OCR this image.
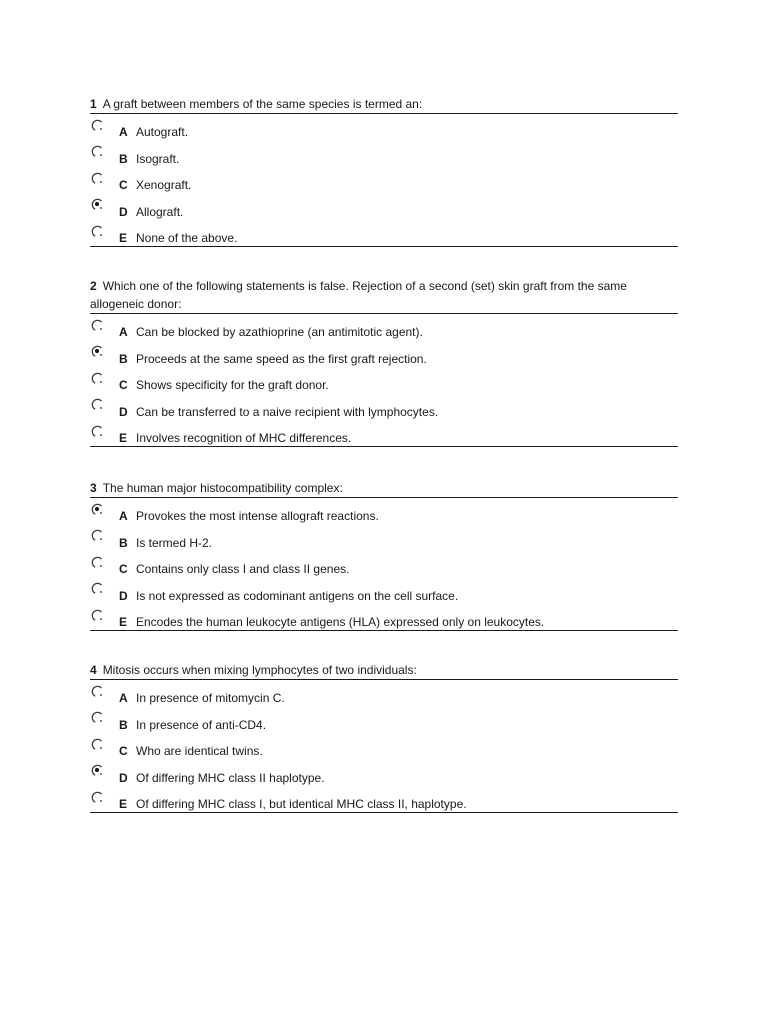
1 A graft between members of the same species is termed an:
A Autograft.
B Isograft.
C Xenograft.
D Allograft.
E None of the above.
2 Which one of the following statements is false. Rejection of a second (set) skin graft from the same allogeneic donor:
A Can be blocked by azathioprine (an antimitotic agent).
B Proceeds at the same speed as the first graft rejection.
C Shows specificity for the graft donor.
D Can be transferred to a naive recipient with lymphocytes.
E Involves recognition of MHC differences.
3 The human major histocompatibility complex:
A Provokes the most intense allograft reactions.
B Is termed H-2.
C Contains only class I and class II genes.
D Is not expressed as codominant antigens on the cell surface.
E Encodes the human leukocyte antigens (HLA) expressed only on leukocytes.
4 Mitosis occurs when mixing lymphocytes of two individuals:
A In presence of mitomycin C.
B In presence of anti-CD4.
C Who are identical twins.
D Of differing MHC class II haplotype.
E Of differing MHC class I, but identical MHC class II, haplotype.
